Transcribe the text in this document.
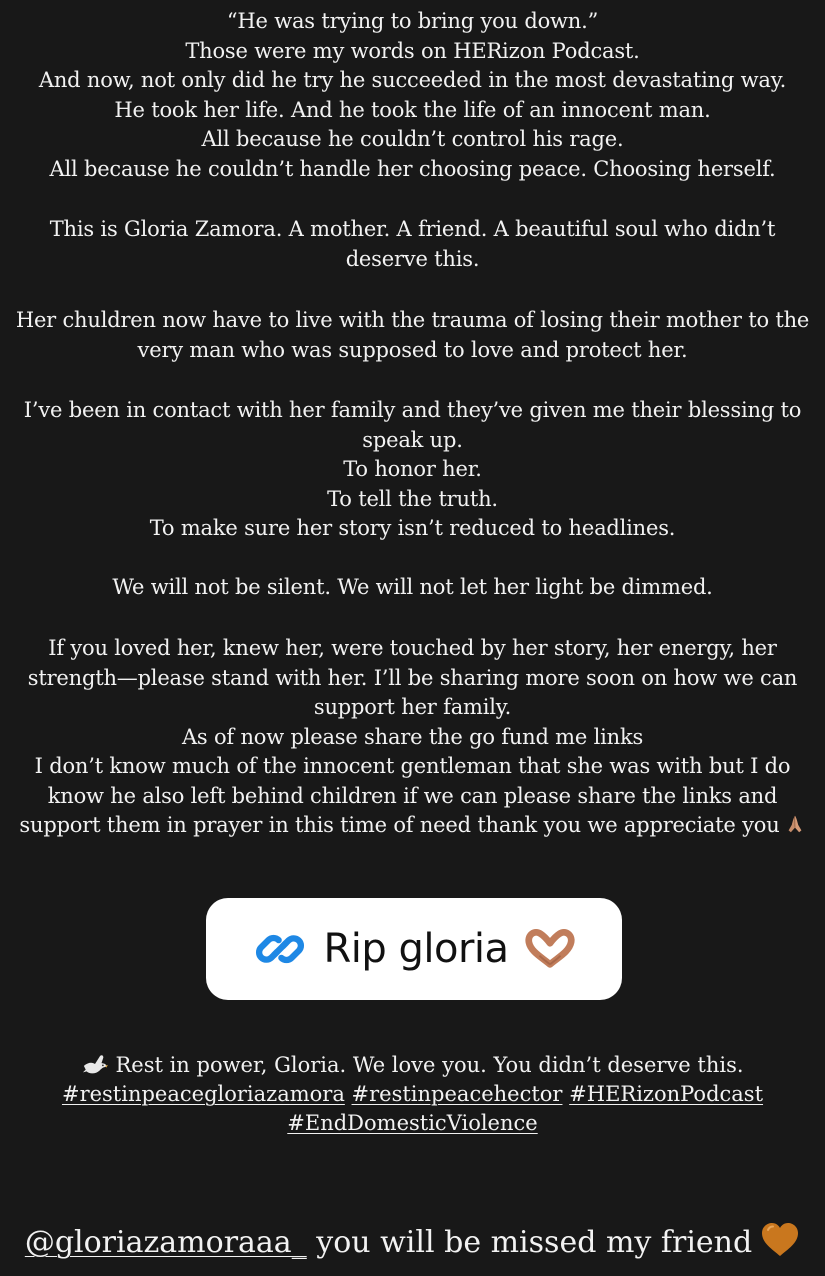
“He was trying to bring you down.”
Those were my words on HERizon Podcast.
And now, not only did he try he succeeded in the most devastating way.
He took her life. And he took the life of an innocent man.
All because he couldn’t control his rage.
All because he couldn’t handle her choosing peace. Choosing herself.
This is Gloria Zamora. A mother. A friend. A beautiful soul who didn’t
deserve this.
Her chuldren now have to live with the trauma of losing their mother to the
very man who was supposed to love and protect her.
I’ve been in contact with her family and they’ve given me their blessing to
speak up.
To honor her.
To tell the truth.
To make sure her story isn’t reduced to headlines.
We will not be silent. We will not let her light be dimmed.
If you loved her, knew her, were touched by her story, her energy, her
strength—please stand with her. I’ll be sharing more soon on how we can
support her family.
As of now please share the go fund me links
I don’t know much of the innocent gentleman that she was with but I do
know he also left behind children if we can please share the links and
support them in prayer in this time of need thank you we appreciate you
Rip gloria
Rest in power, Gloria. We love you. You didn’t deserve this.
#restinpeacegloriazamora #restinpeacehector #HERizonPodcast
#EndDomesticViolence
@gloriazamoraaa_ you will be missed my friend
